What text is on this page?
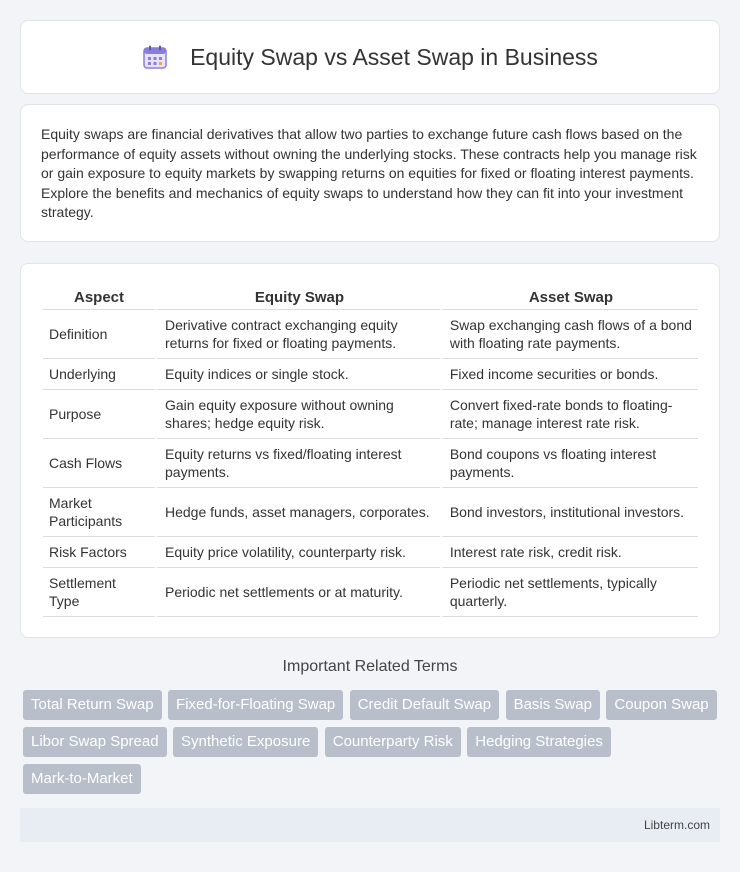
Equity Swap vs Asset Swap in Business

Equity swaps are financial derivatives that allow two parties to exchange future cash flows based on the performance of equity assets without owning the underlying stocks. These contracts help you manage risk or gain exposure to equity markets by swapping returns on equities for fixed or floating interest payments. Explore the benefits and mechanics of equity swaps to understand how they can fit into your investment strategy.

Aspect	Equity Swap	Asset Swap
Definition	Derivative contract exchanging equity returns for fixed or floating payments.	Swap exchanging cash flows of a bond with floating rate payments.
Underlying	Equity indices or single stock.	Fixed income securities or bonds.
Purpose	Gain equity exposure without owning shares; hedge equity risk.	Convert fixed-rate bonds to floating-rate; manage interest rate risk.
Cash Flows	Equity returns vs fixed/floating interest payments.	Bond coupons vs floating interest payments.
Market Participants	Hedge funds, asset managers, corporates.	Bond investors, institutional investors.
Risk Factors	Equity price volatility, counterparty risk.	Interest rate risk, credit risk.
Settlement Type	Periodic net settlements or at maturity.	Periodic net settlements, typically quarterly.
Important Related Terms
Total Return Swap Fixed-for-Floating Swap Credit Default Swap Basis Swap Coupon Swap Libor Swap Spread Synthetic Exposure Counterparty Risk Hedging Strategies Mark-to-Market
Libterm.com
